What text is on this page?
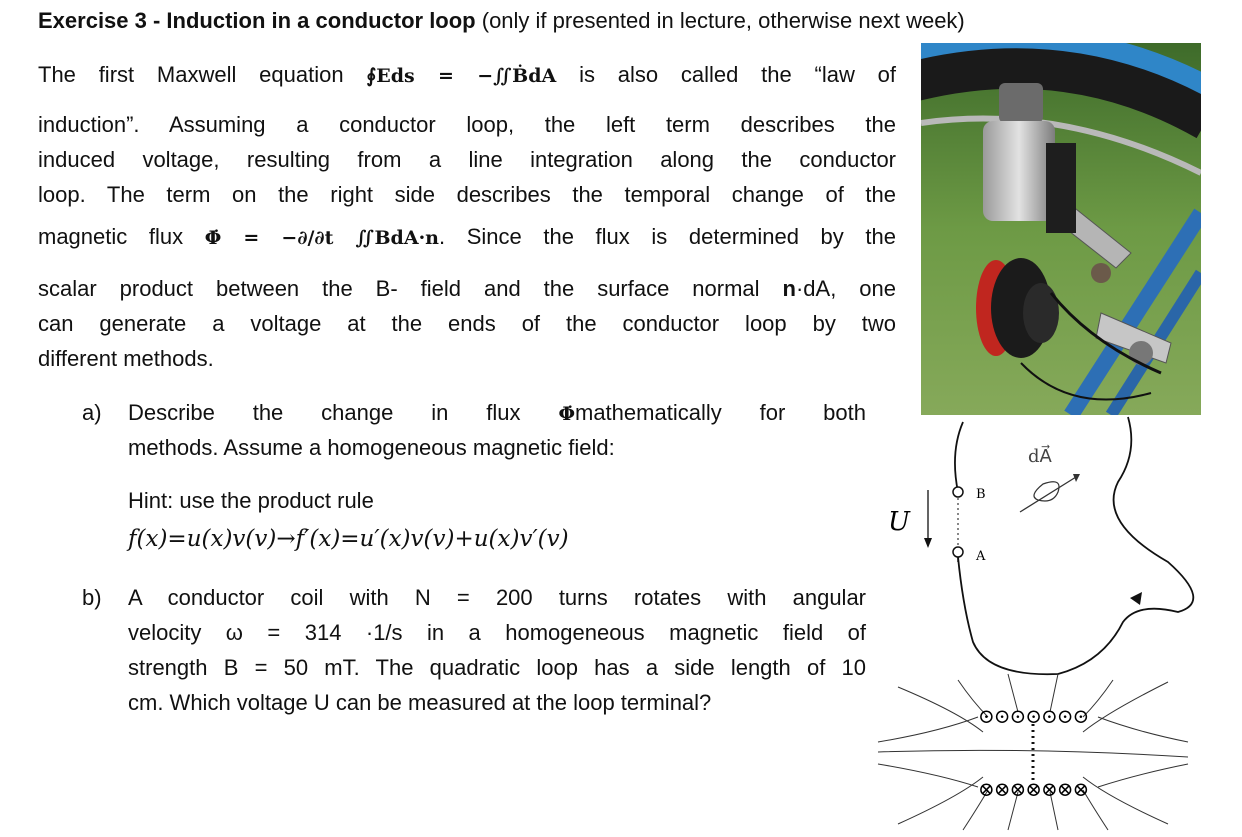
Exercise 3 - Induction in a conductor loop (only if presented in lecture, otherwise next week)
The first Maxwell equation ∮Eds = −∬ḂdA is also called the “law of
induction”. Assuming a conductor loop, the left term describes the
induced voltage, resulting from a line integration along the conductor
loop. The term on the right side describes the temporal change of the
magnetic flux Φ̇ = −∂/∂t ∬BdA·n. Since the flux is determined by the
scalar product between the B- field and the surface normal n·dA, one
can generate a voltage at the ends of the conductor loop by two
different methods.
a) Describe the change in flux Φ̇mathematically for both
methods. Assume a homogeneous magnetic field:
Hint: use the product rule
f(x)=u(x)v(v)→f′(x)=u′(x)v(v)+u(x)v′(v)
b) A conductor coil with N = 200 turns rotates with angular
velocity ω = 314 ·1/s in a homogeneous magnetic field of
strength B = 50 mT. The quadratic loop has a side length of 10
cm. Which voltage U can be measured at the loop terminal?
B
A
U
dA⃗
⊙⊙⊙⊙⊙⊙⊙
⊗⊗⊗⊗⊗⊗⊗
